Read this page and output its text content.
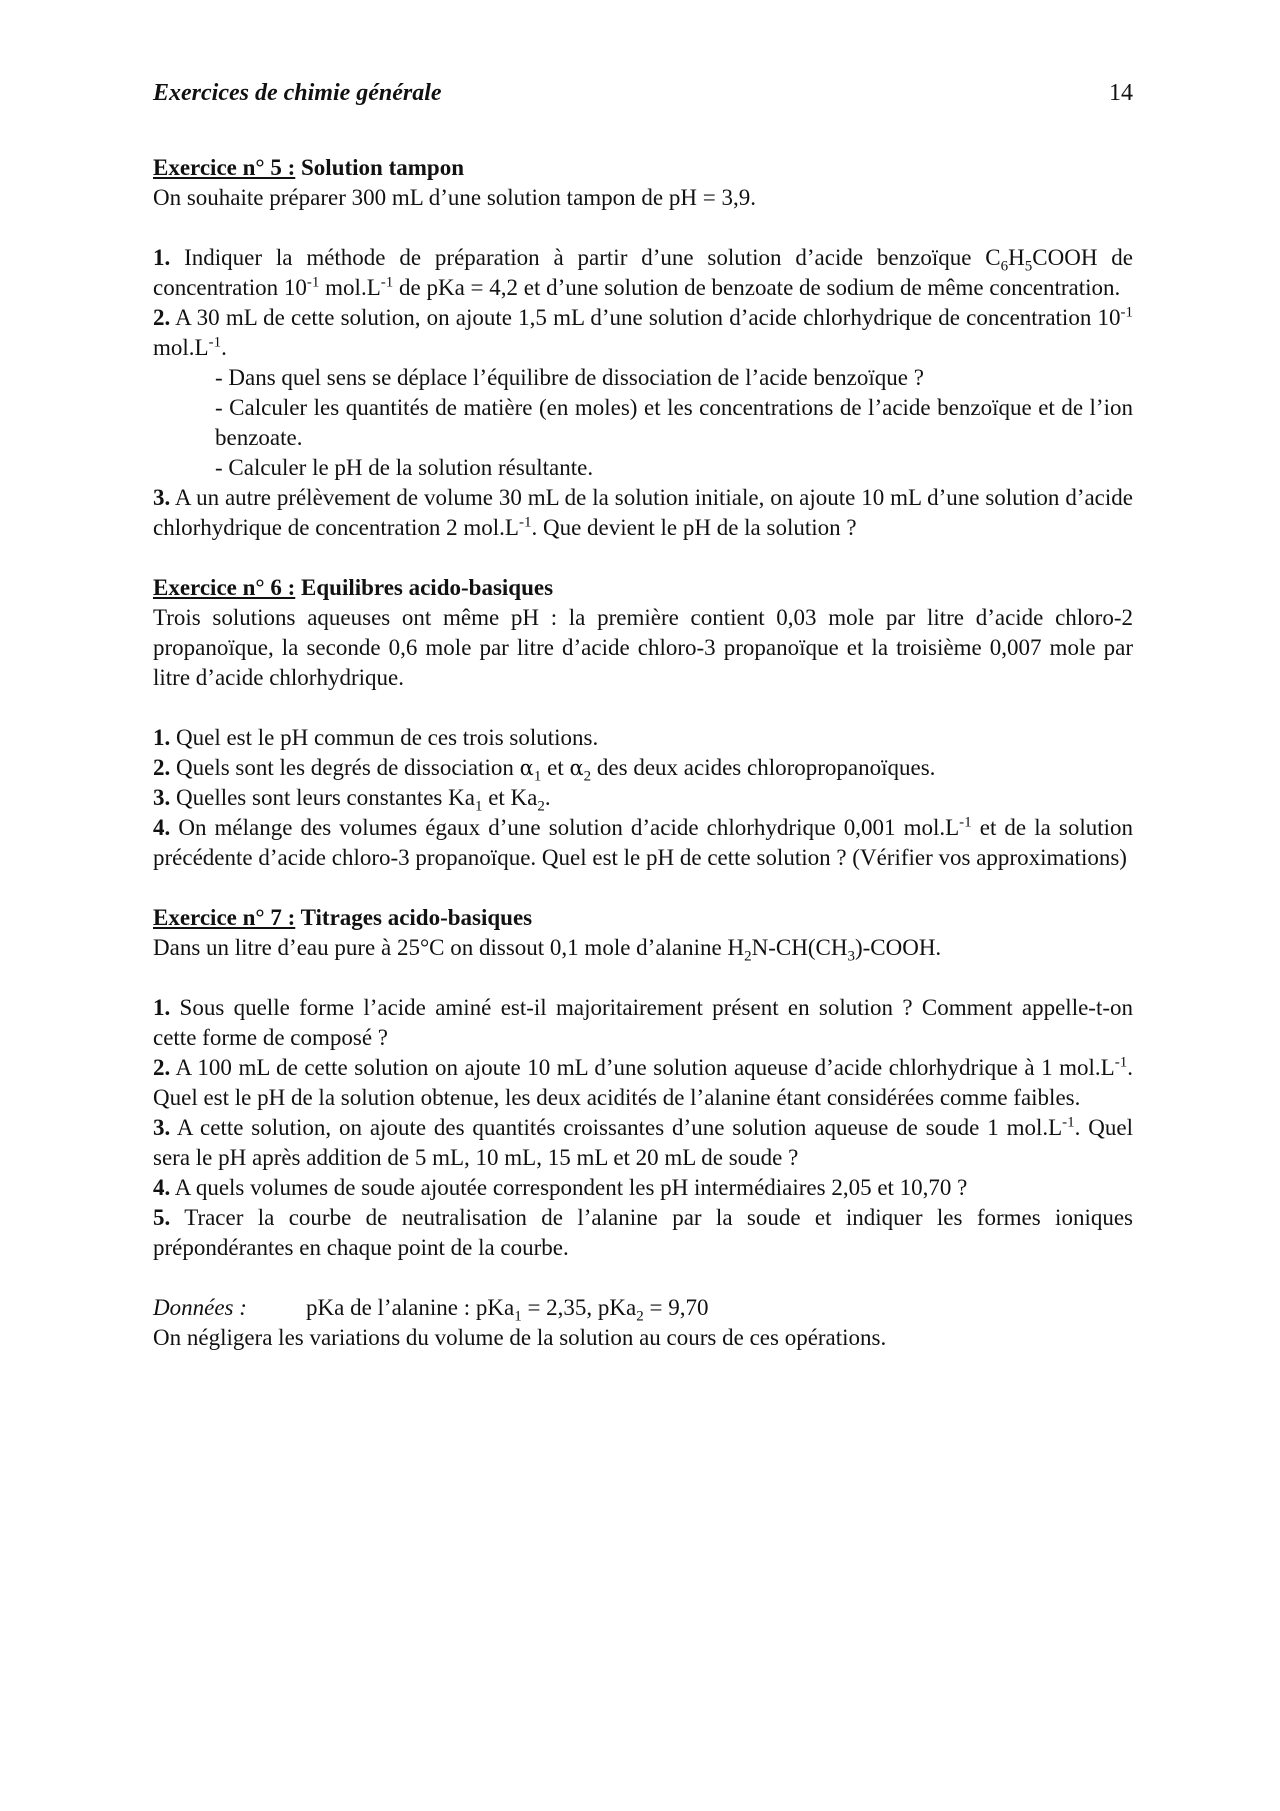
Exercices de chimie générale	14

Exercice n° 5 : Solution tampon

On souhaite préparer 300 mL d’une solution tampon de pH = 3,9.

1. Indiquer la méthode de préparation à partir d’une solution d’acide benzoïque $C_6H_5COOH$ de concentration $10^{-1}$ $mol.L^{-1}$ de pKa = 4,2 et d’une solution de benzoate de sodium de même concentration.

2. A 30 mL de cette solution, on ajoute 1,5 mL d’une solution d’acide chlorhydrique de concentration $10^{-1}$ $mol.L^{-1}$.

- Dans quel sens se déplace l’équilibre de dissociation de l’acide benzoïque ?

- Calculer les quantités de matière (en moles) et les concentrations de l’acide benzoïque et de l’ion benzoate.

- Calculer le pH de la solution résultante.

3. A un autre prélèvement de volume 30 mL de la solution initiale, on ajoute 10 mL d’une solution d’acide chlorhydrique de concentration 2 $mol.L^{-1}$. Que devient le pH de la solution ?

Exercice n° 6 : Equilibres acido-basiques

Trois solutions aqueuses ont même pH : la première contient 0,03 mole par litre d’acide chloro-2 propanoïque, la seconde 0,6 mole par litre d’acide chloro-3 propanoïque et la troisième 0,007 mole par litre d’acide chlorhydrique.

1. Quel est le pH commun de ces trois solutions.

2. Quels sont les degrés de dissociation $\alpha_1$ et $\alpha_2$ des deux acides chloropropanoïques.

3. Quelles sont leurs constantes $Ka_1$ et $Ka_2$.

4. On mélange des volumes égaux d’une solution d’acide chlorhydrique 0,001 $mol.L^{-1}$ et de la solution précédente d’acide chloro-3 propanoïque. Quel est le pH de cette solution ? (Vérifier vos approximations)

Exercice n° 7 : Titrages acido-basiques

Dans un litre d’eau pure à 25°C on dissout 0,1 mole d’alanine $H_2N-CH(CH_3)$-COOH.

1. Sous quelle forme l’acide aminé est-il majoritairement présent en solution ? Comment appelle-t-on cette forme de composé ?

2. A 100 mL de cette solution on ajoute 10 mL d’une solution aqueuse d’acide chlorhydrique à 1 $mol.L^{-1}$. Quel est le pH de la solution obtenue, les deux acidités de l’alanine étant considérées comme faibles.

3. A cette solution, on ajoute des quantités croissantes d’une solution aqueuse de soude 1 $mol.L^{-1}$. Quel sera le pH après addition de 5 mL, 10 mL, 15 mL et 20 mL de soude ?

4. A quels volumes de soude ajoutée correspondent les pH intermédiaires 2,05 et 10,70 ?

5. Tracer la courbe de neutralisation de l’alanine par la soude et indiquer les formes ioniques prépondérantes en chaque point de la courbe.

Données :	pKa de l’alanine : pKa$_1$ = 2,35, pKa$_2$ = 9,70

On négligera les variations du volume de la solution au cours de ces opérations.
